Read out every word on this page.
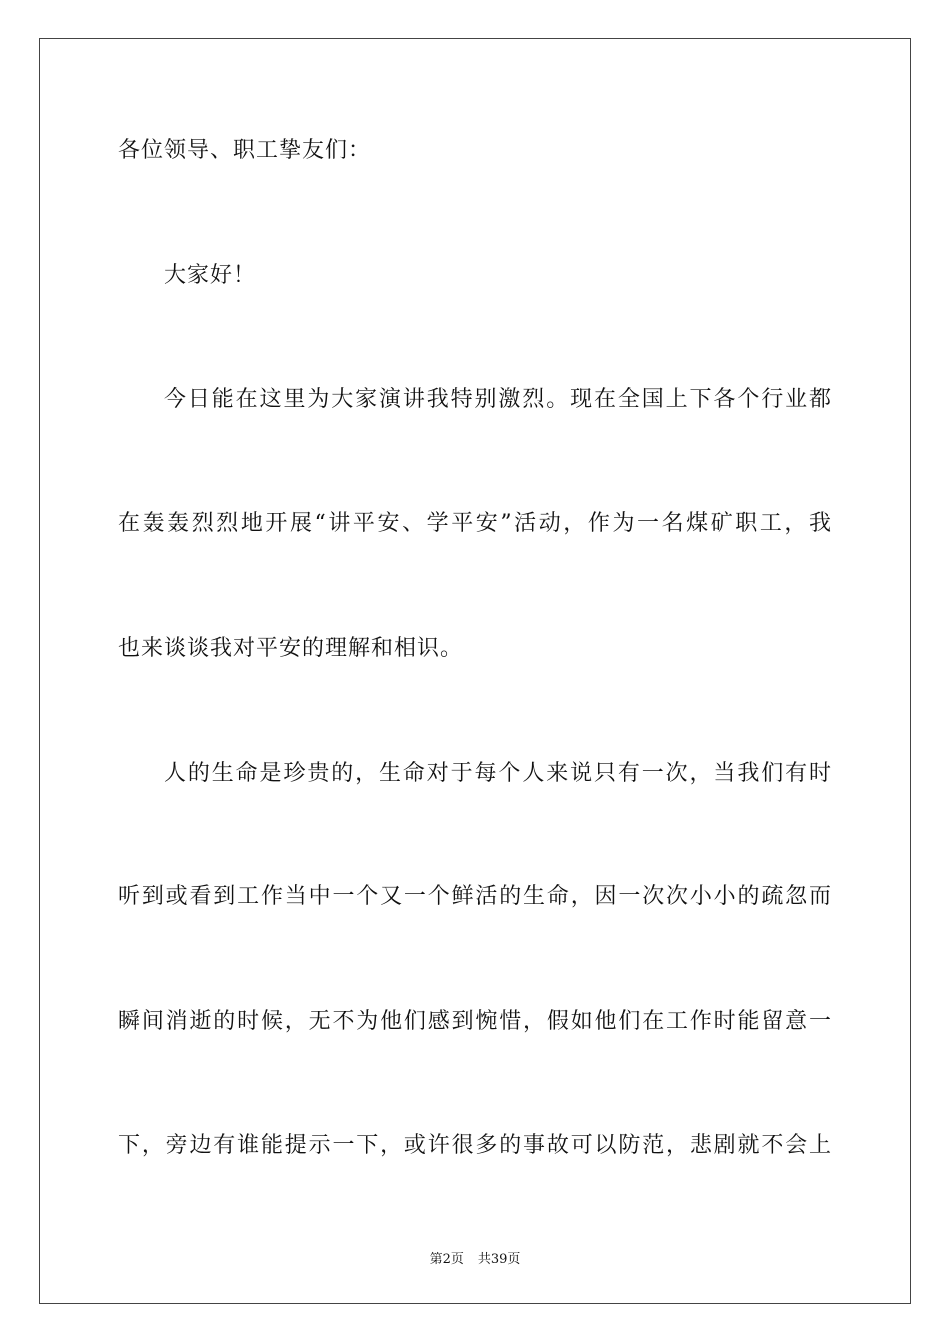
各位领导、职工挚友们：
大家好！
今日能在这里为大家演讲我特别激烈。现在全国上下各个行业都
在轰轰烈烈地开展“讲平安、学平安”活动，作为一名煤矿职工，我
也来谈谈我对平安的理解和相识。
人的生命是珍贵的，生命对于每个人来说只有一次，当我们有时
听到或看到工作当中一个又一个鲜活的生命，因一次次小小的疏忽而
瞬间消逝的时候，无不为他们感到惋惜，假如他们在工作时能留意一
下，旁边有谁能提示一下，或许很多的事故可以防范，悲剧就不会上
第2页 共39页
